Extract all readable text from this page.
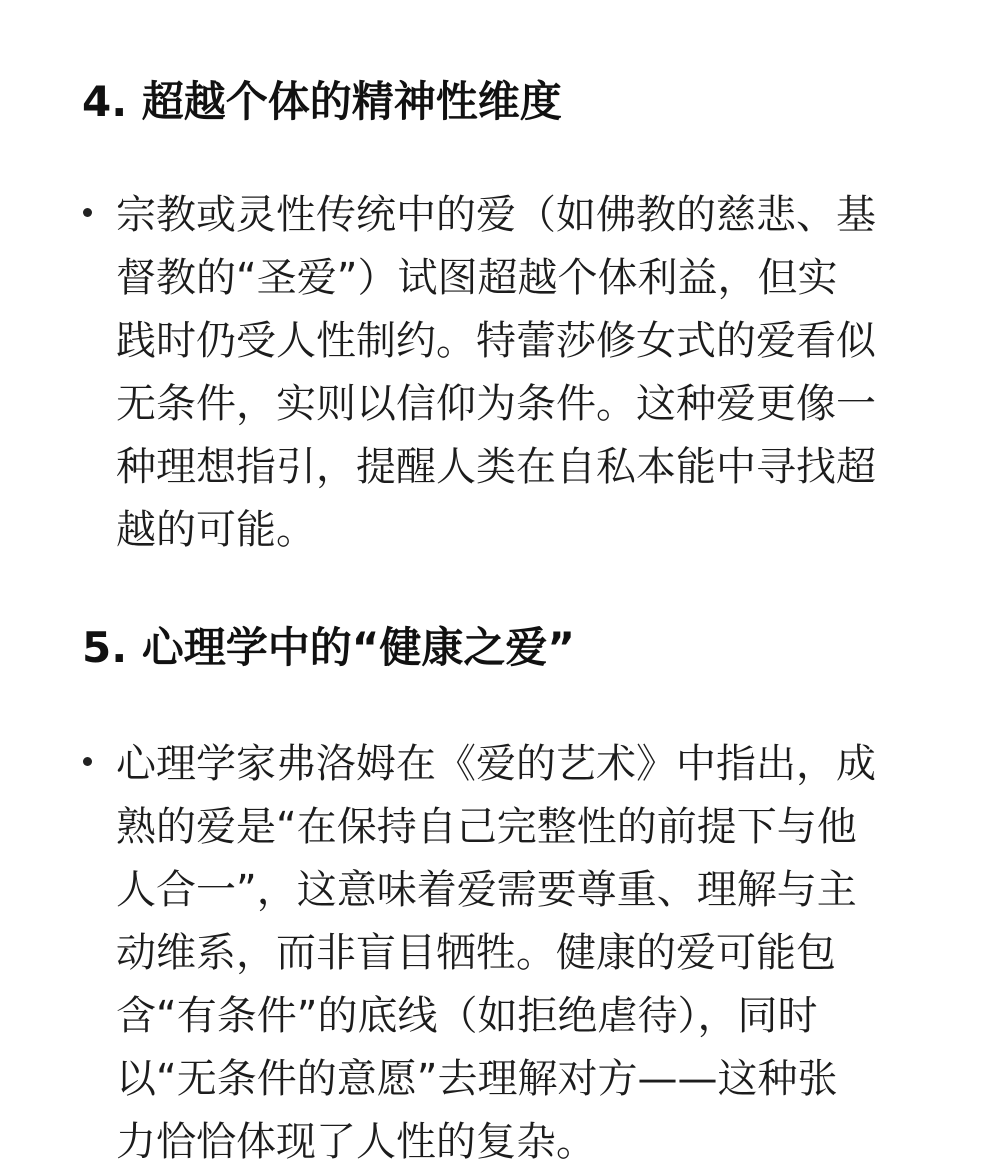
4. 超越个体的精神性维度

宗教或灵性传统中的爱（如佛教的慈悲、基
督教的“圣爱”）试图超越个体利益，但实
践时仍受人性制约。特蕾莎修女式的爱看似
无条件，实则以信仰为条件。这种爱更像一
种理想指引，提醒人类在自私本能中寻找超
越的可能。

5. 心理学中的“健康之爱”

心理学家弗洛姆在《爱的艺术》中指出，成
熟的爱是“在保持自己完整性的前提下与他
人合一”，这意味着爱需要尊重、理解与主
动维系，而非盲目牺牲。健康的爱可能包
含“有条件”的底线（如拒绝虐待），同时
以“无条件的意愿”去理解对方——这种张
力恰恰体现了人性的复杂。
